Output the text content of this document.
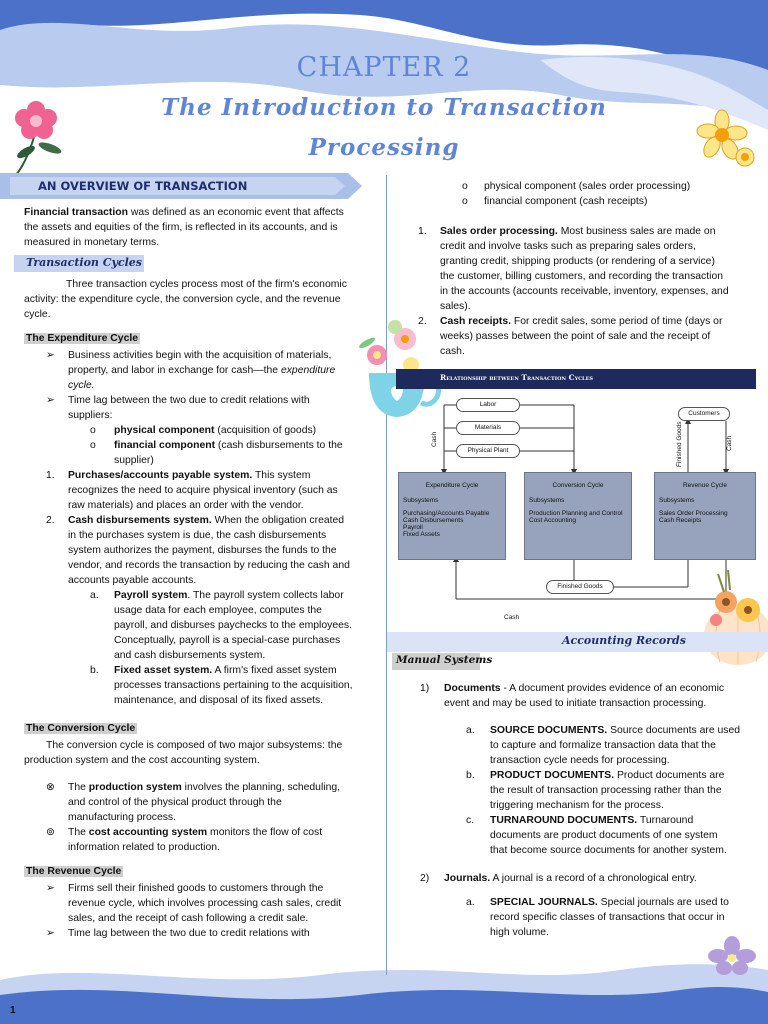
CHAPTER 2
The Introduction to Transaction
Processing
AN OVERVIEW OF TRANSACTION

Financial transaction was defined as an economic event that affects

the assets and equities of the firm, is reflected in its accounts, and is

measured in monetary terms.

Transaction Cycles

Three transaction cycles process most of the firm's economic

activity: the expenditure cycle, the conversion cycle, and the revenue

cycle.

The Expenditure Cycle
➢ Business activities begin with the acquisition of materials,

property, and labor in exchange for cash—the expenditure

cycle.

➢ Time lag between the two due to credit relations with

suppliers:

o physical component (acquisition of goods)

o financial component (cash disbursements to the

supplier)

1. Purchases/accounts payable system. This system

recognizes the need to acquire physical inventory (such as

raw materials) and places an order with the vendor.

2. Cash disbursements system. When the obligation created

in the purchases system is due, the cash disbursements

system authorizes the payment, disburses the funds to the

vendor, and records the transaction by reducing the cash and

accounts payable accounts.

a. Payroll system. The payroll system collects labor

usage data for each employee, computes the

payroll, and disburses paychecks to the employees.

Conceptually, payroll is a special-case purchases

and cash disbursements system.

b. Fixed asset system. A firm's fixed asset system

processes transactions pertaining to the acquisition,

maintenance, and disposal of its fixed assets.

The Conversion Cycle

The conversion cycle is composed of two major subsystems: the

production system and the cost accounting system.

⊗ The production system involves the planning, scheduling,

and control of the physical product through the

manufacturing process.

⊚ The cost accounting system monitors the flow of cost

information related to production.

The Revenue Cycle
➢ Firms sell their finished goods to customers through the

revenue cycle, which involves processing cash sales, credit

sales, and the receipt of cash following a credit sale.

➢ Time lag between the two due to credit relations with

o physical component (sales order processing)

o financial component (cash receipts)

1. Sales order processing. Most business sales are made on

credit and involve tasks such as preparing sales orders,

granting credit, shipping products (or rendering of a service)

the customer, billing customers, and recording the transaction

in the accounts (accounts receivable, inventory, expenses, and

sales).

2. Cash receipts. For credit sales, some period of time (days or

weeks) passes between the point of sale and the receipt of

cash.

Relationship between Transaction Cycles
Labor
Materials
Physical Plant
Cash
Customers
Finished Goods	Cash
Expenditure Cycle
Subsystems
Purchasing/Accounts Payable
Cash Disbursements
Payroll
Fixed Assets
Conversion Cycle
Subsystems
Production Planning and Control
Cost Accounting
Revenue Cycle
Subsystems
Sales Order Processing
Cash Receipts
Finished Goods
Cash
Accounting Records
Manual Systems
1) Documents - A document provides evidence of an economic

event and may be used to initiate transaction processing.

a. SOURCE DOCUMENTS. Source documents are used

to capture and formalize transaction data that the

transaction cycle needs for processing.

b. PRODUCT DOCUMENTS. Product documents are

the result of transaction processing rather than the

triggering mechanism for the process.

c. TURNAROUND DOCUMENTS. Turnaround

documents are product documents of one system

that become source documents for another system.

2) Journals. A journal is a record of a chronological entry.

a. SPECIAL JOURNALS. Special journals are used to

record specific classes of transactions that occur in

high volume.

1
